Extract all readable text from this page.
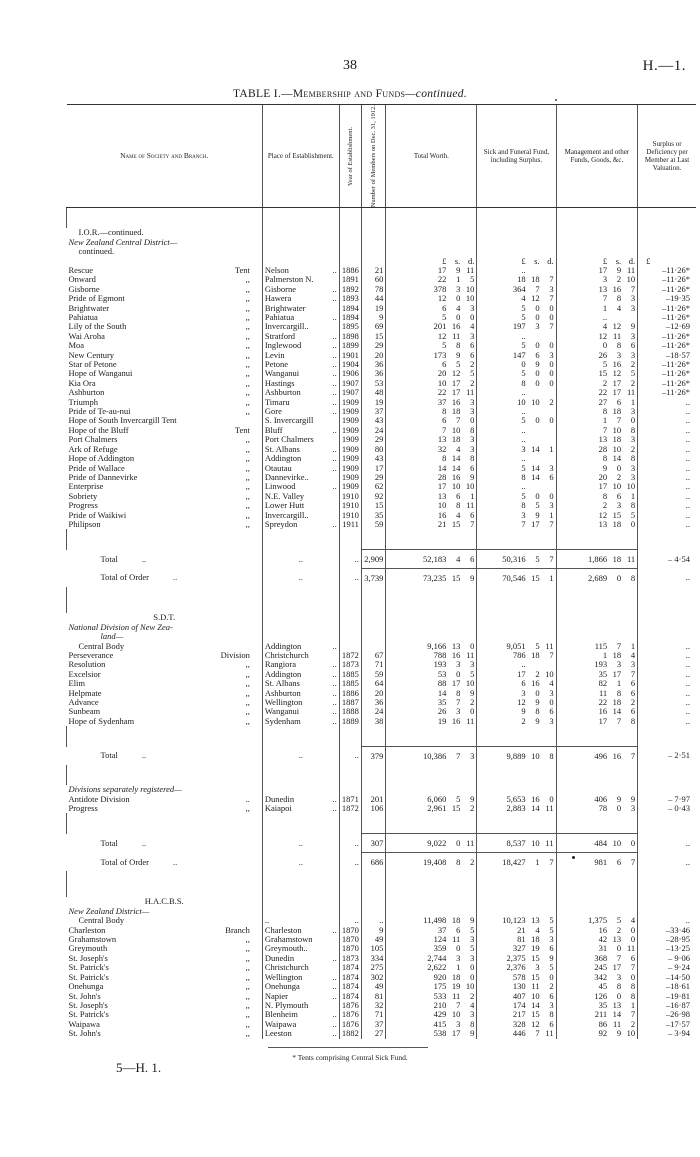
38	H.—1.
TABLE I.—Membership and Funds—continued.
Name of Society and Branch.	Place of Establishment.	Year of Establishment.	Number of Members on Dec. 31, 1912.	Total Worth.	Sick and Funeral Fund, including Surplus.	Management and other Funds, Goods, &c.	Surplus or Deficiency per Member at Last Valuation.

I.O.R.—continued.							
New Zealand Central District—							
continued.							
				£ s. d.	£ s. d.	£ s. d.	£
Rescue Tent	Nelson ..	1886	21	17 9 11	..	17 9 11	–11·26*
Onward ,,	Palmerston N.	1891	60	22 1 5	18 18 7	3 2 10	–11·26*
Gisborne ,,	Gisborne ..	1892	78	378 3 10	364 7 3	13 16 7	–11·26*
Pride of Egmont ,,	Hawera ..	1893	44	12 0 10	4 12 7	7 8 3	–19·35
Brightwater ,,	Brightwater	1894	19	6 4 3	5 0 0	1 4 3	–11·26*
Pahiatua ,,	Pahiatua ..	1894	9	5 0 0	5 0 0	..	–11·26*
Lily of the South ,,	Invercargill..	1895	69	201 16 4	197 3 7	4 12 9	–12·69
Wai Aroha ,,	Stratford ..	1898	15	12 11 3	..	12 11 3	–11·26*
Moa ,,	Inglewood ..	1899	29	5 8 6	5 0 0	0 8 6	–11·26*
New Century ,,	Levin ..	1901	20	173 9 6	147 6 3	26 3 3	–18·57
Star of Petone ,,	Petone ..	1904	36	6 5 2	0 9 0	5 16 2	–11·26*
Hope of Wanganui ,,	Wanganui ..	1906	36	20 12 5	5 0 0	15 12 5	–11·26*
Kia Ora ,,	Hastings ..	1907	53	10 17 2	8 0 0	2 17 2	–11·26*
Ashburton ,,	Ashburton ..	1907	48	22 17 11	..	22 17 11	–11·26*
Triumph ,,	Timaru ..	1909	19	37 16 3	10 10 2	27 6 1	..
Pride of Te-au-nui ,,	Gore ..	1909	37	8 18 3	..	8 18 3	..
Hope of South Invercargill Tent	S. Invercargill	1909	43	6 7 0	5 0 0	1 7 0	..
Hope of the Bluff Tent	Bluff ..	1909	24	7 10 8	..	7 10 8	..
Port Chalmers ,,	Port Chalmers	1909	29	13 18 3	..	13 18 3	..
Ark of Refuge ,,	St. Albans ..	1909	80	32 4 3	3 14 1	28 10 2	..
Hope of Addington ,,	Addington ..	1909	43	8 14 8	..	8 14 8	..
Pride of Wallace ,,	Otautau ..	1909	17	14 14 6	5 14 3	9 0 3	..
Pride of Dannevirke ,,	Dannevirke..	1909	29	28 16 9	8 14 6	20 2 3	..
Enterprise ,,	Linwood ..	1909	62	17 10 10	..	17 10 10	..
Sobriety ,,	N.E. Valley	1910	92	13 6 1	5 0 0	8 6 1	..
Progress ,,	Lower Hutt	1910	15	10 8 11	8 5 3	2 3 8	..
Pride of Waikiwi ,,	Invercargill..	1910	35	16 4 6	3 9 1	12 15 5	..
Philipson ,,	Spreydon ..	1911	59	21 15 7	7 17 7	13 18 0	..

Total ..	..	..	2,909	52,183 4 6	50,316 5 7	1,866 18 11	– 4·54
Total of Order ..	..	..	3,739	73,235 15 9	70,546 15 1	2,689 0 8	..

S.D.T.							
National Division of New Zea-							
land—							
Central Body	Addington ..			9,166 13 0	9,051 5 11	115 7 1	..
Perseverance Division	Christchurch	1872	67	788 16 11	786 18 7	1 18 4	..
Resolution ,,	Rangiora ..	1873	71	193 3 3	..	193 3 3	..
Excelsior ,,	Addington ..	1885	59	53 0 5	17 2 10	35 17 7	..
Elim ,,	St. Albans ..	1885	64	88 17 10	6 16 4	82 1 6	..
Helpmate ,,	Ashburton ..	1886	20	14 8 9	3 0 3	11 8 6	..
Advance ,,	Wellington ..	1887	36	35 7 2	12 9 0	22 18 2	..
Sunbeam ,,	Wanganui ..	1888	24	26 3 0	9 8 6	16 14 6	..
Hope of Sydenham ,,	Sydenham ..	1889	38	19 16 11	2 9 3	17 7 8	..

Total ..	..	..	379	10,386 7 3	9,889 10 8	496 16 7	– 2·51

Divisions separately registered—							
Antidote Division ..	Dunedin ..	1871	201	6,060 5 9	5,653 16 0	406 9 9	– 7·97
Progress ,,	Kaiapoi ..	1872	106	2,961 15 2	2,883 14 11	78 0 3	– 0·43

Total ..	..	..	307	9,022 0 11	8,537 10 11	484 10 0	..
Total of Order ..	..	..	686	19,408 8 2	18,427 1 7	981 6 7	..

H.A.C.B.S.							
New Zealand District—							
Central Body	..	..	..	11,498 18 9	10,123 13 5	1,375 5 4	..
Charleston Branch	Charleston ..	1870	9	37 6 5	21 4 5	16 2 0	–33·46
Grahamstown ,,	Grahamstown	1870	49	124 11 3	81 18 3	42 13 0	–28·95
Greymouth ,,	Greymouth..	1870	105	359 0 5	327 19 6	31 0 11	–13·25
St. Joseph's ,,	Dunedin ..	1873	334	2,744 3 3	2,375 15 9	368 7 6	– 9·06
St. Patrick's ,,	Christchurch	1874	275	2,622 1 0	2,376 3 5	245 17 7	– 9·24
St. Patrick's ,,	Wellington ..	1874	302	920 18 0	578 15 0	342 3 0	–14·50
Onehunga ,,	Onehunga ..	1874	49	175 19 10	130 11 2	45 8 8	–18·61
St. John's ,,	Napier ..	1874	81	533 11 2	407 10 6	126 0 8	–19·81
St. Joseph's ,,	N. Plymouth	1876	32	210 7 4	174 14 3	35 13 1	–16·87
St. Patrick's ,,	Blenheim ..	1876	71	429 10 3	217 15 8	211 14 7	–26·98
Waipawa ,,	Waipawa ..	1876	37	415 3 8	328 12 6	86 11 2	–17·57
St. John's ,,	Leeston ..	1882	27	538 17 9	446 7 11	92 9 10	– 3·94
* Tents comprising Central Sick Fund.
5—H. 1.
